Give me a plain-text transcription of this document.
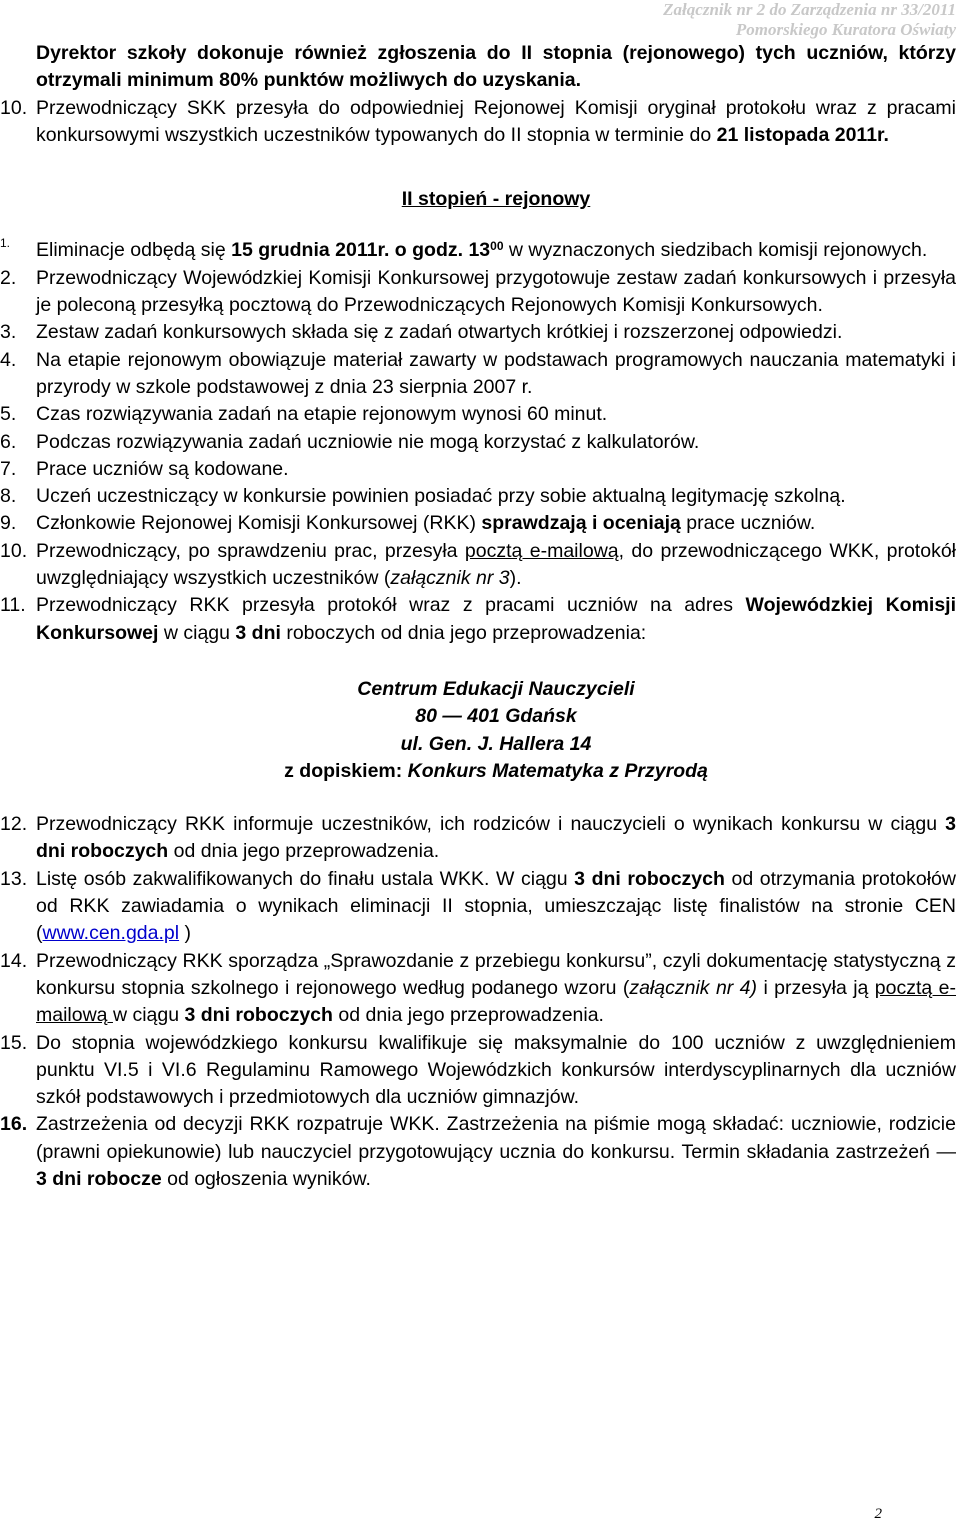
Załącznik nr 2 do Zarządzenia nr 33/2011
Pomorskiego Kuratora Oświaty

Dyrektor szkoły dokonuje również zgłoszenia do II stopnia (rejonowego) tych uczniów, którzy otrzymali minimum 80% punktów możliwych do uzyskania.

10. Przewodniczący SKK przesyła do odpowiedniej Rejonowej Komisji oryginał protokołu wraz z pracami konkursowymi wszystkich uczestników typowanych do II stopnia w terminie do 21 listopada 2011r.

II stopień - rejonowy

1.	Eliminacje odbędą się 15 grudnia 2011r. o godz. $13^{00}$ w wyznaczonych siedzibach komisji rejonowych.
2.	Przewodniczący Wojewódzkiej Komisji Konkursowej przygotowuje zestaw zadań konkursowych i przesyła je poleconą przesyłką pocztową do Przewodniczących Rejonowych Komisji Konkursowych.
3.	Zestaw zadań konkursowych składa się z zadań otwartych krótkiej i rozszerzonej odpowiedzi.
4.	Na etapie rejonowym obowiązuje materiał zawarty w podstawach programowych nauczania matematyki i przyrody w szkole podstawowej z dnia 23 sierpnia 2007 r.
5.	Czas rozwiązywania zadań na etapie rejonowym wynosi 60 minut.
6.	Podczas rozwiązywania zadań uczniowie nie mogą korzystać z kalkulatorów.
7.	Prace uczniów są kodowane.
8.	Uczeń uczestniczący w konkursie powinien posiadać przy sobie aktualną legitymację szkolną.
9.	Członkowie Rejonowej Komisji Konkursowej (RKK) sprawdzają i oceniają prace uczniów.
10. Przewodniczący, po sprawdzeniu prac, przesyła pocztą e-mailową, do przewodniczącego WKK, protokół uwzględniający wszystkich uczestników (załącznik nr 3).
11. Przewodniczący RKK przesyła protokół wraz z pracami uczniów na adres Wojewódzkiej Komisji Konkursowej w ciągu 3 dni roboczych od dnia jego przeprowadzenia:
Centrum Edukacji Nauczycieli
80 — 401 Gdańsk
ul. Gen. J. Hallera 14
z dopiskiem: Konkurs Matematyka z Przyrodą
12. Przewodniczący RKK informuje uczestników, ich rodziców i nauczycieli o wynikach konkursu w ciągu 3 dni roboczych od dnia jego przeprowadzenia.
13. Listę osób zakwalifikowanych do finału ustala WKK. W ciągu 3 dni roboczych od otrzymania protokołów od RKK zawiadamia o wynikach eliminacji II stopnia, umieszczając listę finalistów na stronie CEN (www.cen.gda.pl )
14. Przewodniczący RKK sporządza „Sprawozdanie z przebiegu konkursu”, czyli dokumentację statystyczną z konkursu stopnia szkolnego i rejonowego według podanego wzoru (załącznik nr 4) i przesyła ją pocztą e-mailową w ciągu 3 dni roboczych od dnia jego przeprowadzenia.
15. Do stopnia wojewódzkiego konkursu kwalifikuje się maksymalnie do 100 uczniów z uwzględnieniem punktu VI.5 i VI.6 Regulaminu Ramowego Wojewódzkich konkursów interdyscyplinarnych dla uczniów szkół podstawowych i przedmiotowych dla uczniów gimnazjów.
16. Zastrzeżenia od decyzji RKK rozpatruje WKK. Zastrzeżenia na piśmie mogą składać: uczniowie, rodzicie (prawni opiekunowie) lub nauczyciel przygotowujący ucznia do konkursu. Termin składania zastrzeżeń — 3 dni robocze od ogłoszenia wyników.
2
